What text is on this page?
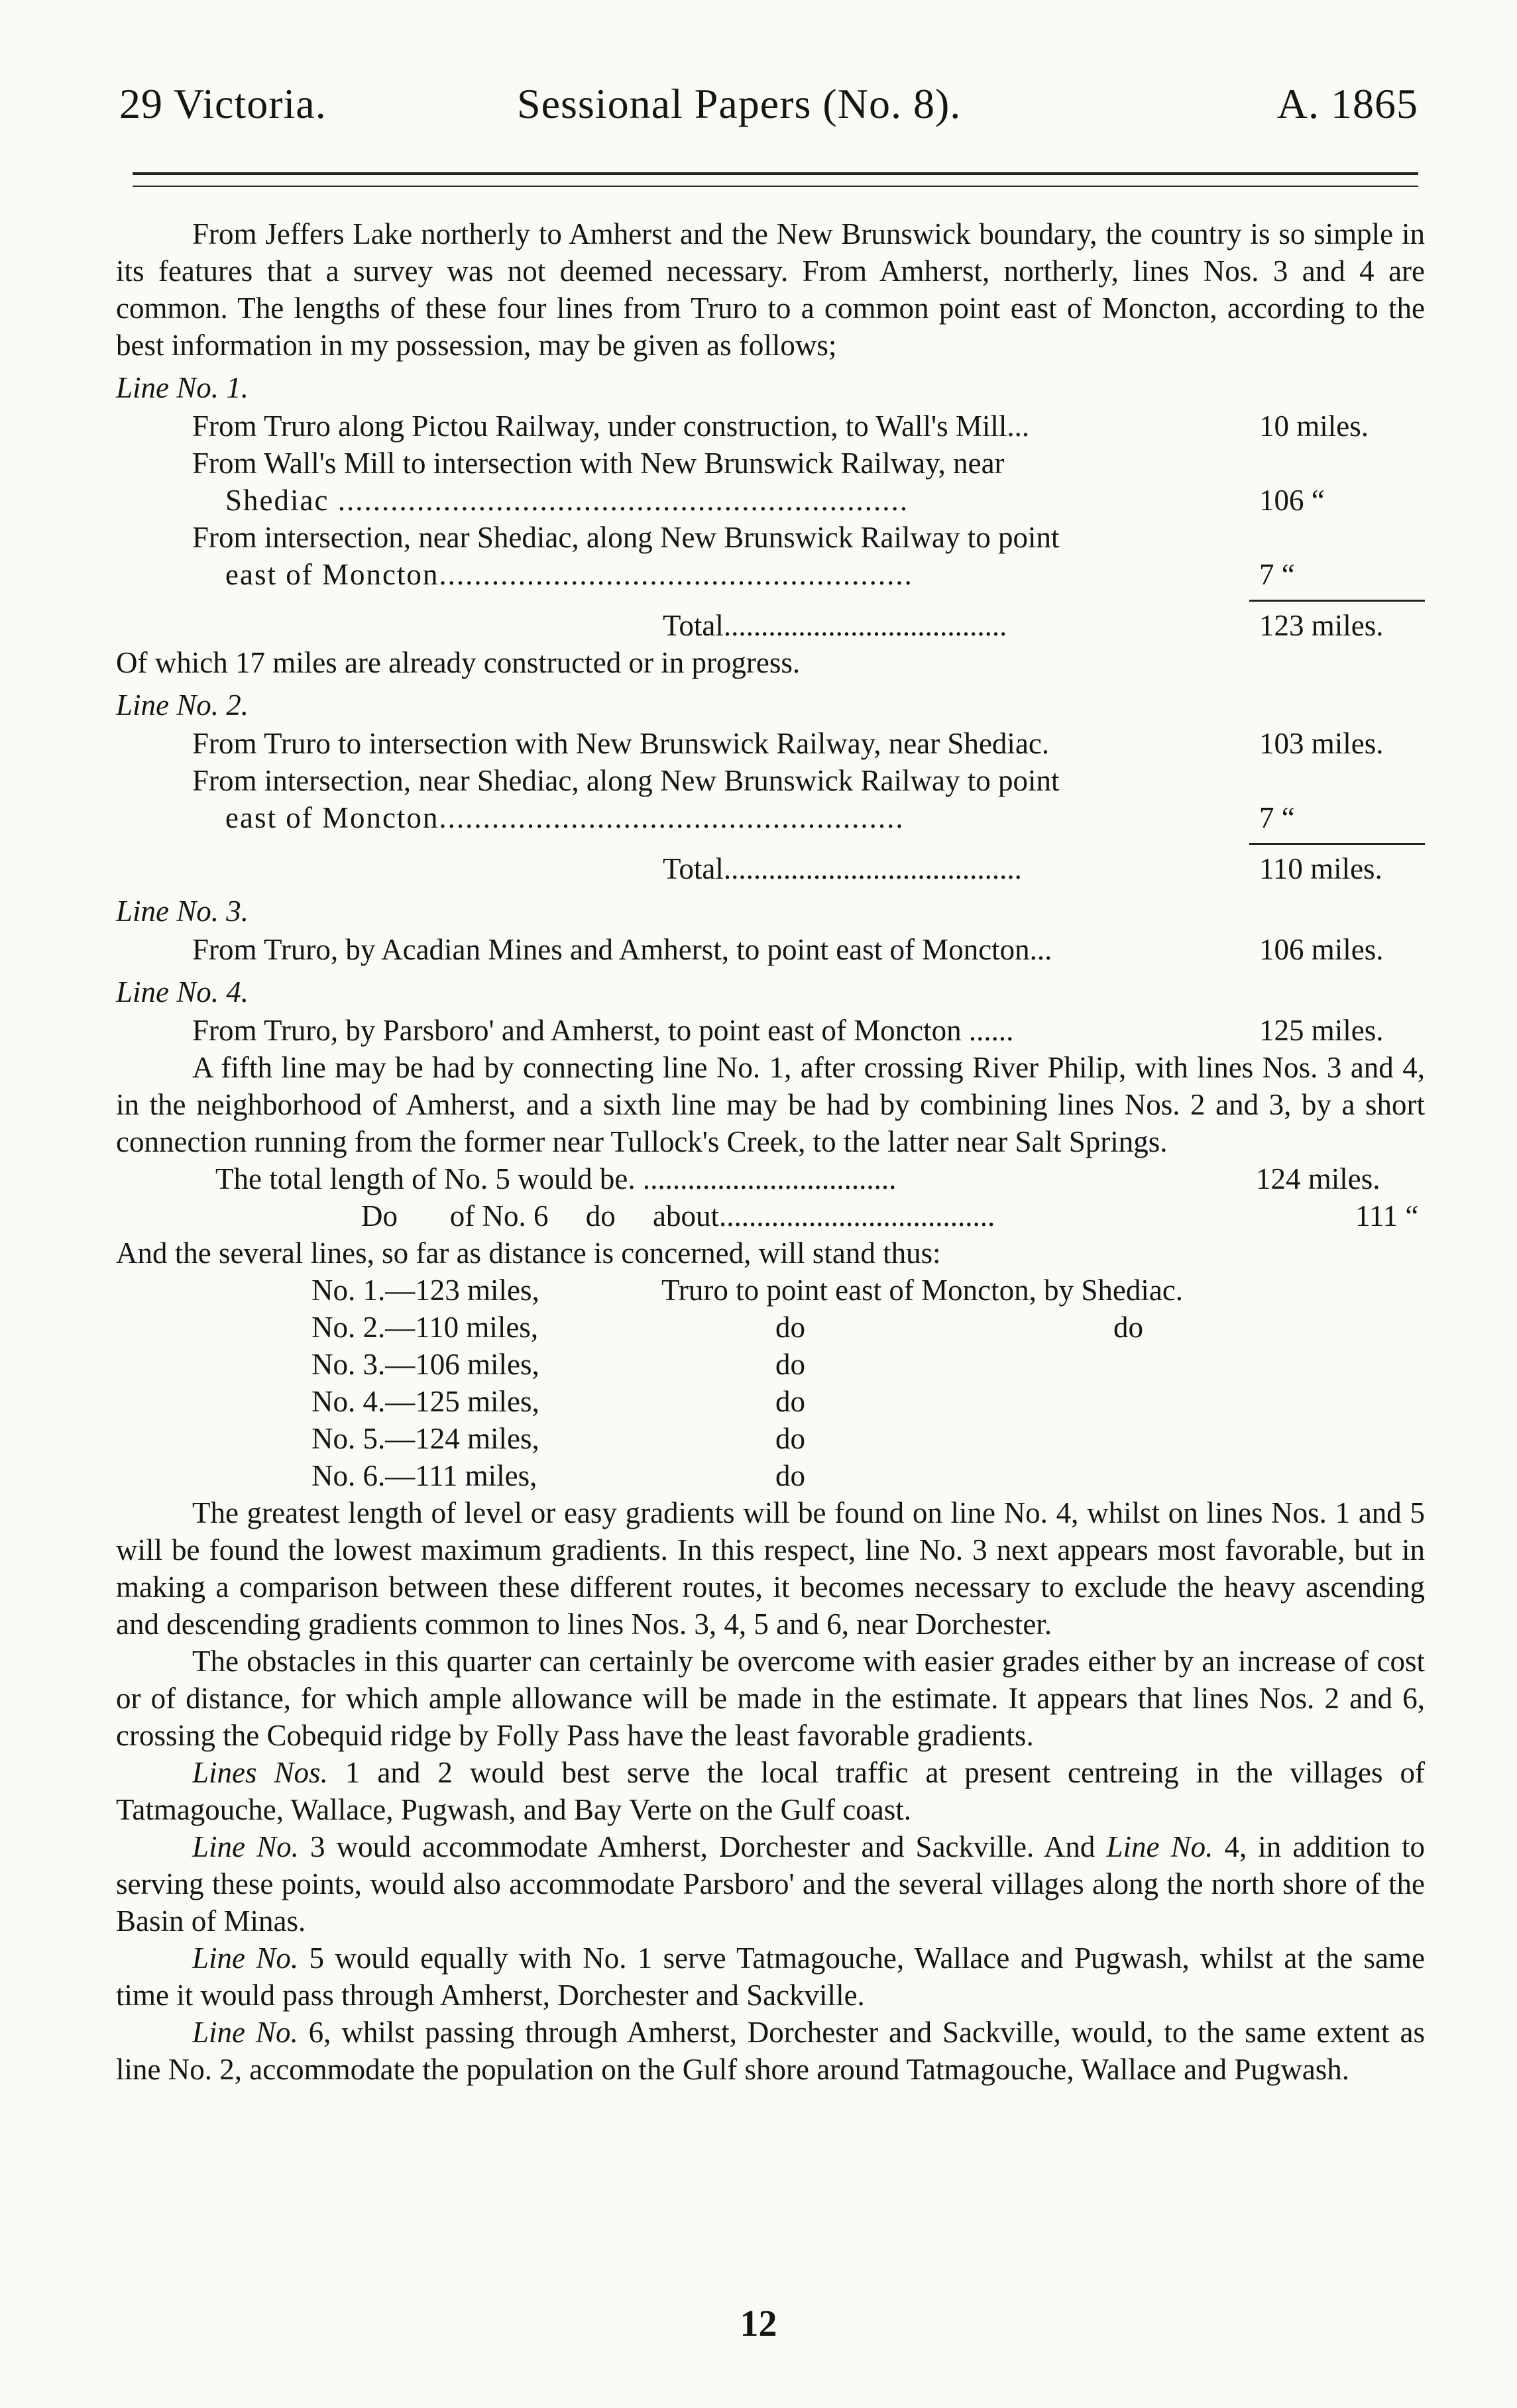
29 Victoria.	Sessional Papers (No. 8).	A. 1865

From Jeffers Lake northerly to Amherst and the New Brunswick boundary, the country is so simple in its features that a survey was not deemed necessary. From Amherst, northerly, lines Nos. 3 and 4 are common. The lengths of these four lines from Truro to a common point east of Moncton, according to the best information in my possession, may be given as follows;

Line No. 1.
From Truro along Pictou Railway, under construction, to Wall's Mill...	10 miles.
From Wall's Mill to intersection with New Brunswick Railway, near
Shediac .................................................................	106 “
From intersection, near Shediac, along New Brunswick Railway to point
east of Moncton......................................................	7 “
Total......................................	123 miles.
Of which 17 miles are already constructed or in progress.
Line No. 2.
From Truro to intersection with New Brunswick Railway, near Shediac.	103 miles.
From intersection, near Shediac, along New Brunswick Railway to point
east of Moncton.....................................................	7 “
Total........................................	110 miles.
Line No. 3.
From Truro, by Acadian Mines and Amherst, to point east of Moncton...	106 miles.
Line No. 4.
From Truro, by Parsboro' and Amherst, to point east of Moncton ......	125 miles.

A fifth line may be had by connecting line No. 1, after crossing River Philip, with lines Nos. 3 and 4, in the neighborhood of Amherst, and a sixth line may be had by combining lines Nos. 2 and 3, by a short connection running from the former near Tullock's Creek, to the latter near Salt Springs.

The total length of No. 5 would be. ..................................	124 miles.
Do       of No. 6     do     about.....................................	111 “
And the several lines, so far as distance is concerned, will stand thus:
No. 1.—123 miles,	Truro to point east of Moncton, by Shediac.
No. 2.—110 miles,	do	do
No. 3.—106 miles,	do
No. 4.—125 miles,	do
No. 5.—124 miles,	do
No. 6.—111 miles,	do

The greatest length of level or easy gradients will be found on line No. 4, whilst on lines Nos. 1 and 5 will be found the lowest maximum gradients. In this respect, line No. 3 next appears most favorable, but in making a comparison between these different routes, it becomes necessary to exclude the heavy ascending and descending gradients common to lines Nos. 3, 4, 5 and 6, near Dorchester.

The obstacles in this quarter can certainly be overcome with easier grades either by an increase of cost or of distance, for which ample allowance will be made in the estimate. It appears that lines Nos. 2 and 6, crossing the Cobequid ridge by Folly Pass have the least favorable gradients.

Lines Nos. 1 and 2 would best serve the local traffic at present centreing in the villages of Tatmagouche, Wallace, Pugwash, and Bay Verte on the Gulf coast.

Line No. 3 would accommodate Amherst, Dorchester and Sackville. And Line No. 4, in addition to serving these points, would also accommodate Parsboro' and the several villages along the north shore of the Basin of Minas.

Line No. 5 would equally with No. 1 serve Tatmagouche, Wallace and Pugwash, whilst at the same time it would pass through Amherst, Dorchester and Sackville.

Line No. 6, whilst passing through Amherst, Dorchester and Sackville, would, to the same extent as line No. 2, accommodate the population on the Gulf shore around Tatmagouche, Wallace and Pugwash.

12
